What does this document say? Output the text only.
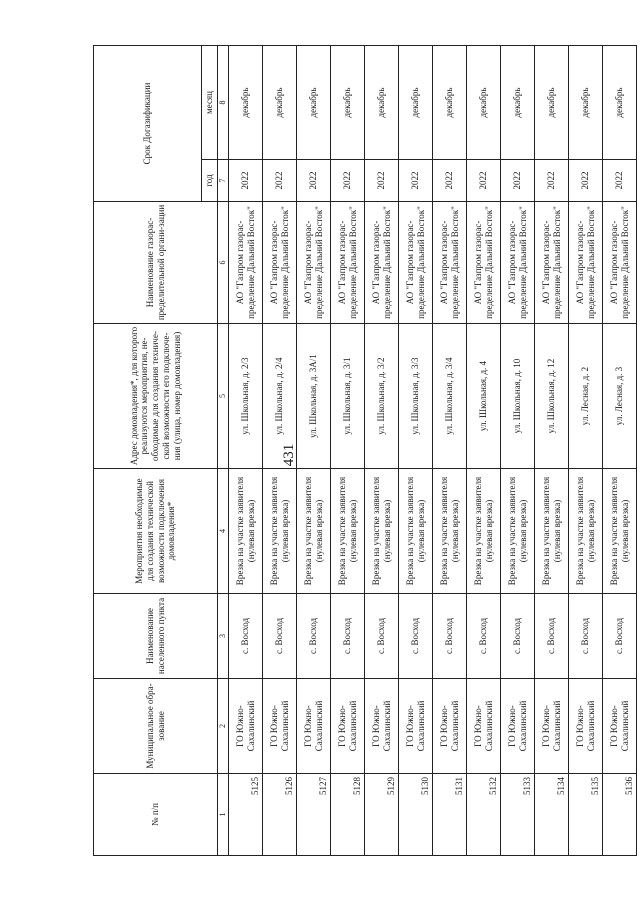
431
№ п/п	Муниципальное обра-зование	Наименование населенного пункта	Мероприятия необходимые для создания технической возможности подключения домовладения*	Адрес домовладения*, для которого реализуются мероприятия, не-обходимые для создания техниче-ской возможности его подключе-ния (улица, номер домовладения)	Наименование газорас-пределительной органи-зации	Срок Догазификации	
						год	месяц
1	2	3	4	5	6	7	8
5125	ГО Южно-Сахалинский	с. Восход	Врезка на участке заявителя (нулевая врезка)	ул. Школьная, д. 2/3	АО "Газпром газорас-пределение Дальний Восток"	2022	декабрь
5126	ГО Южно-Сахалинский	с. Восход	Врезка на участке заявителя (нулевая врезка)	ул. Школьная, д. 2/4	АО "Газпром газорас-пределение Дальний Восток"	2022	декабрь
5127	ГО Южно-Сахалинский	с. Восход	Врезка на участке заявителя (нулевая врезка)	ул. Школьная, д. 3А/1	АО "Газпром газорас-пределение Дальний Восток"	2022	декабрь
5128	ГО Южно-Сахалинский	с. Восход	Врезка на участке заявителя (нулевая врезка)	ул. Школьная, д. 3/1	АО "Газпром газорас-пределение Дальний Восток"	2022	декабрь
5129	ГО Южно-Сахалинский	с. Восход	Врезка на участке заявителя (нулевая врезка)	ул. Школьная, д. 3/2	АО "Газпром газорас-пределение Дальний Восток"	2022	декабрь
5130	ГО Южно-Сахалинский	с. Восход	Врезка на участке заявителя (нулевая врезка)	ул. Школьная, д. 3/3	АО "Газпром газорас-пределение Дальний Восток"	2022	декабрь
5131	ГО Южно-Сахалинский	с. Восход	Врезка на участке заявителя (нулевая врезка)	ул. Школьная, д. 3/4	АО "Газпром газорас-пределение Дальний Восток"	2022	декабрь
5132	ГО Южно-Сахалинский	с. Восход	Врезка на участке заявителя (нулевая врезка)	ул. Школьная, д. 4	АО "Газпром газорас-пределение Дальний Восток"	2022	декабрь
5133	ГО Южно-Сахалинский	с. Восход	Врезка на участке заявителя (нулевая врезка)	ул. Школьная, д. 10	АО "Газпром газорас-пределение Дальний Восток"	2022	декабрь
5134	ГО Южно-Сахалинский	с. Восход	Врезка на участке заявителя (нулевая врезка)	ул. Школьная, д. 12	АО "Газпром газорас-пределение Дальний Восток"	2022	декабрь
5135	ГО Южно-Сахалинский	с. Восход	Врезка на участке заявителя (нулевая врезка)	ул. Лесная, д. 2	АО "Газпром газорас-пределение Дальний Восток"	2022	декабрь
5136	ГО Южно-Сахалинский	с. Восход	Врезка на участке заявителя (нулевая врезка)	ул. Лесная, д. 3	АО "Газпром газорас-пределение Дальний Восток"	2022	декабрь
